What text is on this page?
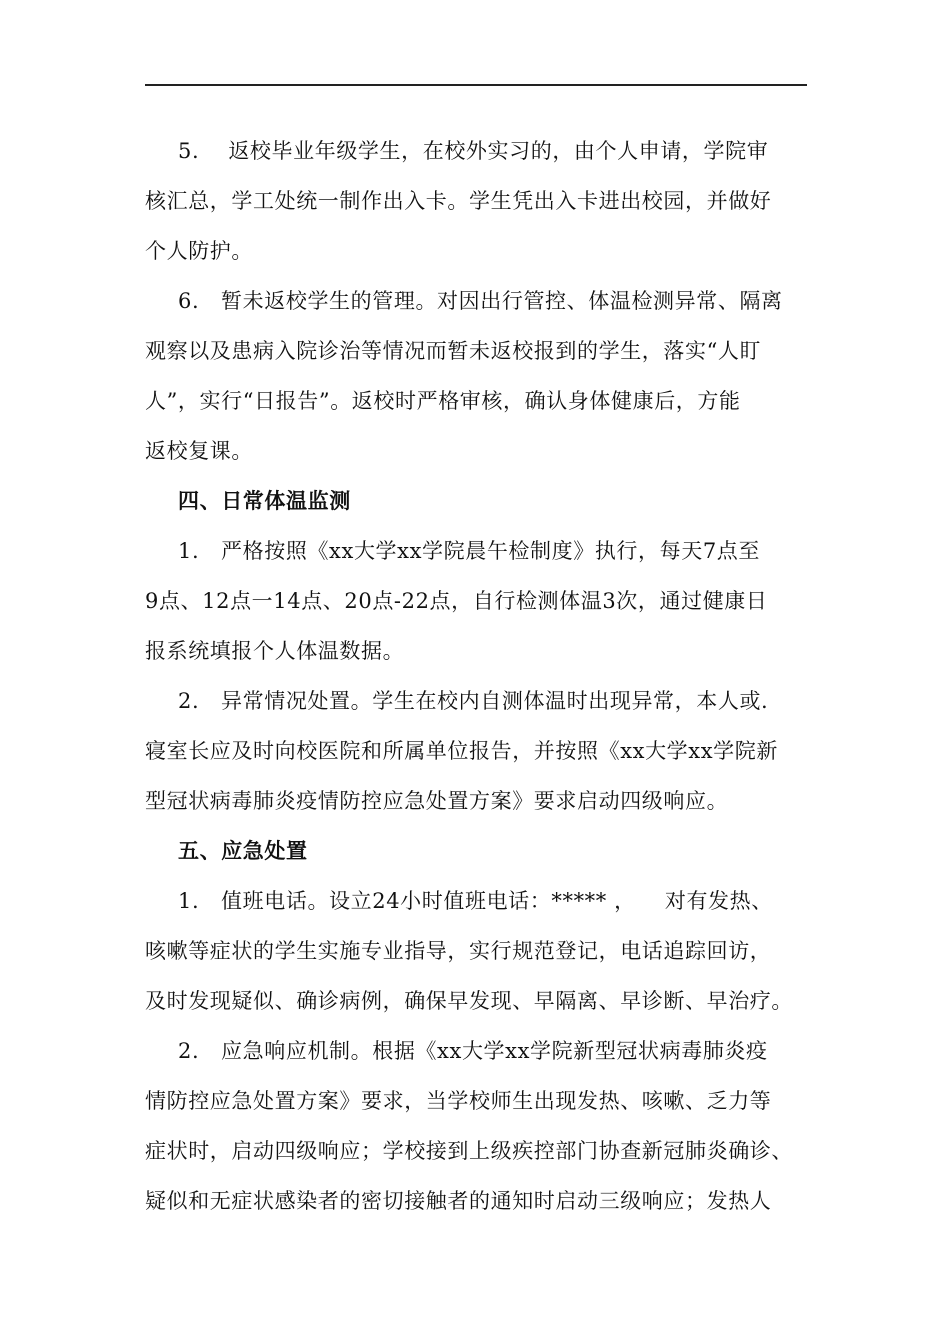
5.    返校毕业年级学生，在校外实习的，由个人申请，学院审
核汇总，学工处统一制作出入卡。学生凭出入卡进出校园，并做好
个人防护。
6.   暂未返校学生的管理。对因出行管控、体温检测异常、隔离
观察以及患病入院诊治等情况而暂未返校报到的学生，落实“人盯
人”，实行“日报告”。返校时严格审核，确认身体健康后，方能
返校复课。
四、日常体温监测
1.   严格按照《xx大学xx学院晨午检制度》执行，每天7点至
9点、12点一14点、20点-22点，自行检测体温3次，通过健康日
报系统填报个人体温数据。
2.   异常情况处置。学生在校内自测体温时出现异常，本人或.
寝室长应及时向校医院和所属单位报告，并按照《xx大学xx学院新
型冠状病毒肺炎疫情防控应急处置方案》要求启动四级响应。
五、应急处置
1.   值班电话。设立24小时值班电话：***** ，    对有发热、
咳嗽等症状的学生实施专业指导，实行规范登记，电话追踪回访，
及时发现疑似、确诊病例，确保早发现、早隔离、早诊断、早治疗。
2.   应急响应机制。根据《xx大学xx学院新型冠状病毒肺炎疫
情防控应急处置方案》要求，当学校师生出现发热、咳嗽、乏力等
症状时，启动四级响应；学校接到上级疾控部门协查新冠肺炎确诊、
疑似和无症状感染者的密切接触者的通知时启动三级响应；发热人
